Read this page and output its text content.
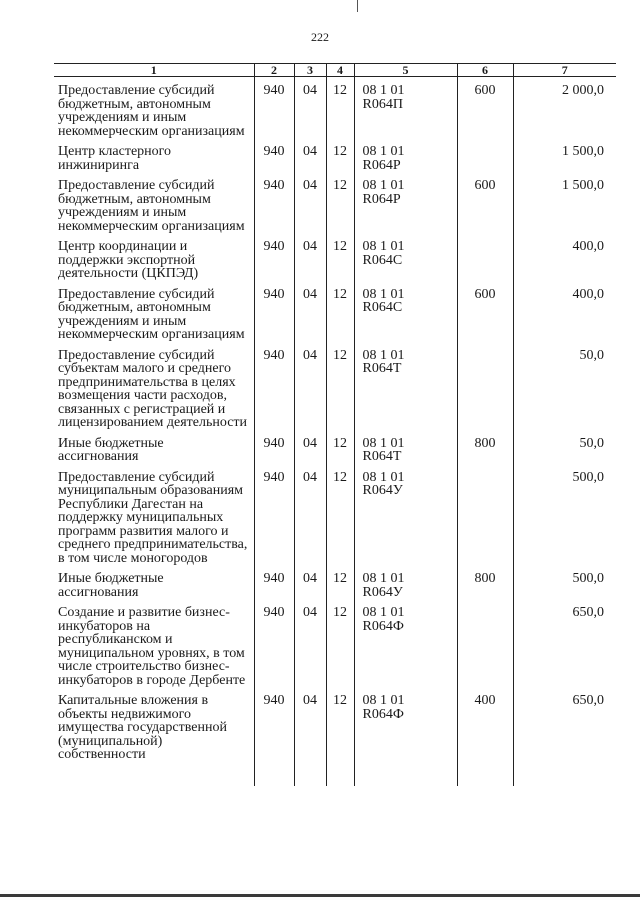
222
1	2	3	4	5	6	7
Предоставление субсидий бюджетным, автономным учреждениям и иным некоммерческим организациям	940	04	12	08 1 01
R064П	600	2 000,0
Центр кластерного инжиниринга	940	04	12	08 1 01
R064Р		1 500,0
Предоставление субсидий бюджетным, автономным учреждениям и иным некоммерческим организациям	940	04	12	08 1 01
R064Р	600	1 500,0
Центр координации и поддержки экспортной деятельности (ЦКПЭД)	940	04	12	08 1 01
R064С		400,0
Предоставление субсидий бюджетным, автономным учреждениям и иным некоммерческим организациям	940	04	12	08 1 01
R064С	600	400,0
Предоставление субсидий субъектам малого и среднего предпринимательства в целях возмещения части расходов, связанных с регистрацией и лицензированием деятельности	940	04	12	08 1 01
R064Т		50,0
Иные бюджетные ассигнования	940	04	12	08 1 01
R064Т	800	50,0
Предоставление субсидий муниципальным образованиям Республики Дагестан на поддержку муниципальных программ развития малого и среднего предпринимательства, в том числе моногородов	940	04	12	08 1 01
R064У		500,0
Иные бюджетные ассигнования	940	04	12	08 1 01
R064У	800	500,0
Создание и развитие бизнес-инкубаторов на республиканском и муниципальном уровнях, в том числе строительство бизнес-инкубаторов в городе Дербенте	940	04	12	08 1 01
R064Ф		650,0
Капитальные вложения в объекты недвижимого имущества государственной (муниципальной) собственности	940	04	12	08 1 01
R064Ф	400	650,0
